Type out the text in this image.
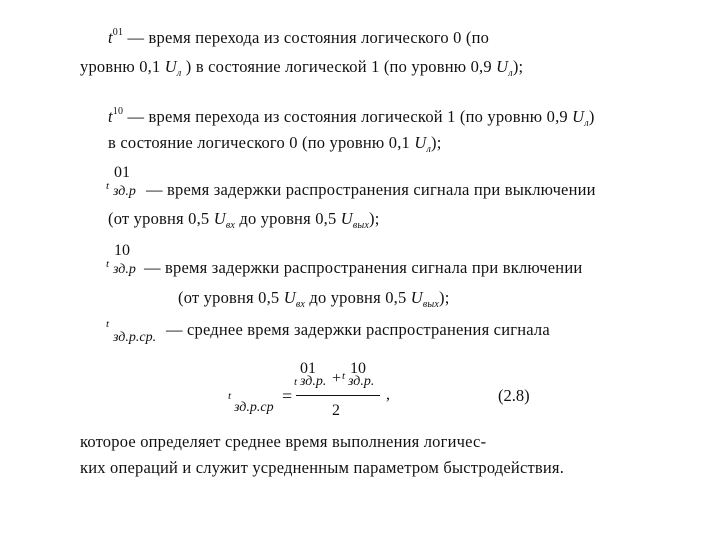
$t^{01}$ — время перехода из состояния логического 0 (по
уровню 0,1 $U_л$ ) в состояние логической 1 (по уровню 0,9 $U_л$);
$t^{10}$ — время перехода из состояния логической 1 (по уровню 0,9 $U_л$)
в состояние логического 0 (по уровню 0,1 $U_л$);
t
01
зд.р — время задержки распространения сигнала при выключении
(от уровня 0,5 $U_{вх}$ до уровня 0,5 $U_{вых}$);
t
10
зд.р — время задержки распространения сигнала при включении
(от уровня 0,5 $U_{вх}$ до уровня 0,5 $U_{вых}$);
t
зд.р.ср. — среднее время задержки распространения сигнала
t
зд.р.ср
=
t
01
зд.р. + t 10
зд.р.
,
2
(2.8)
которое определяет среднее время выполнения логичес-
ких операций и служит усредненным параметром быстродействия.
